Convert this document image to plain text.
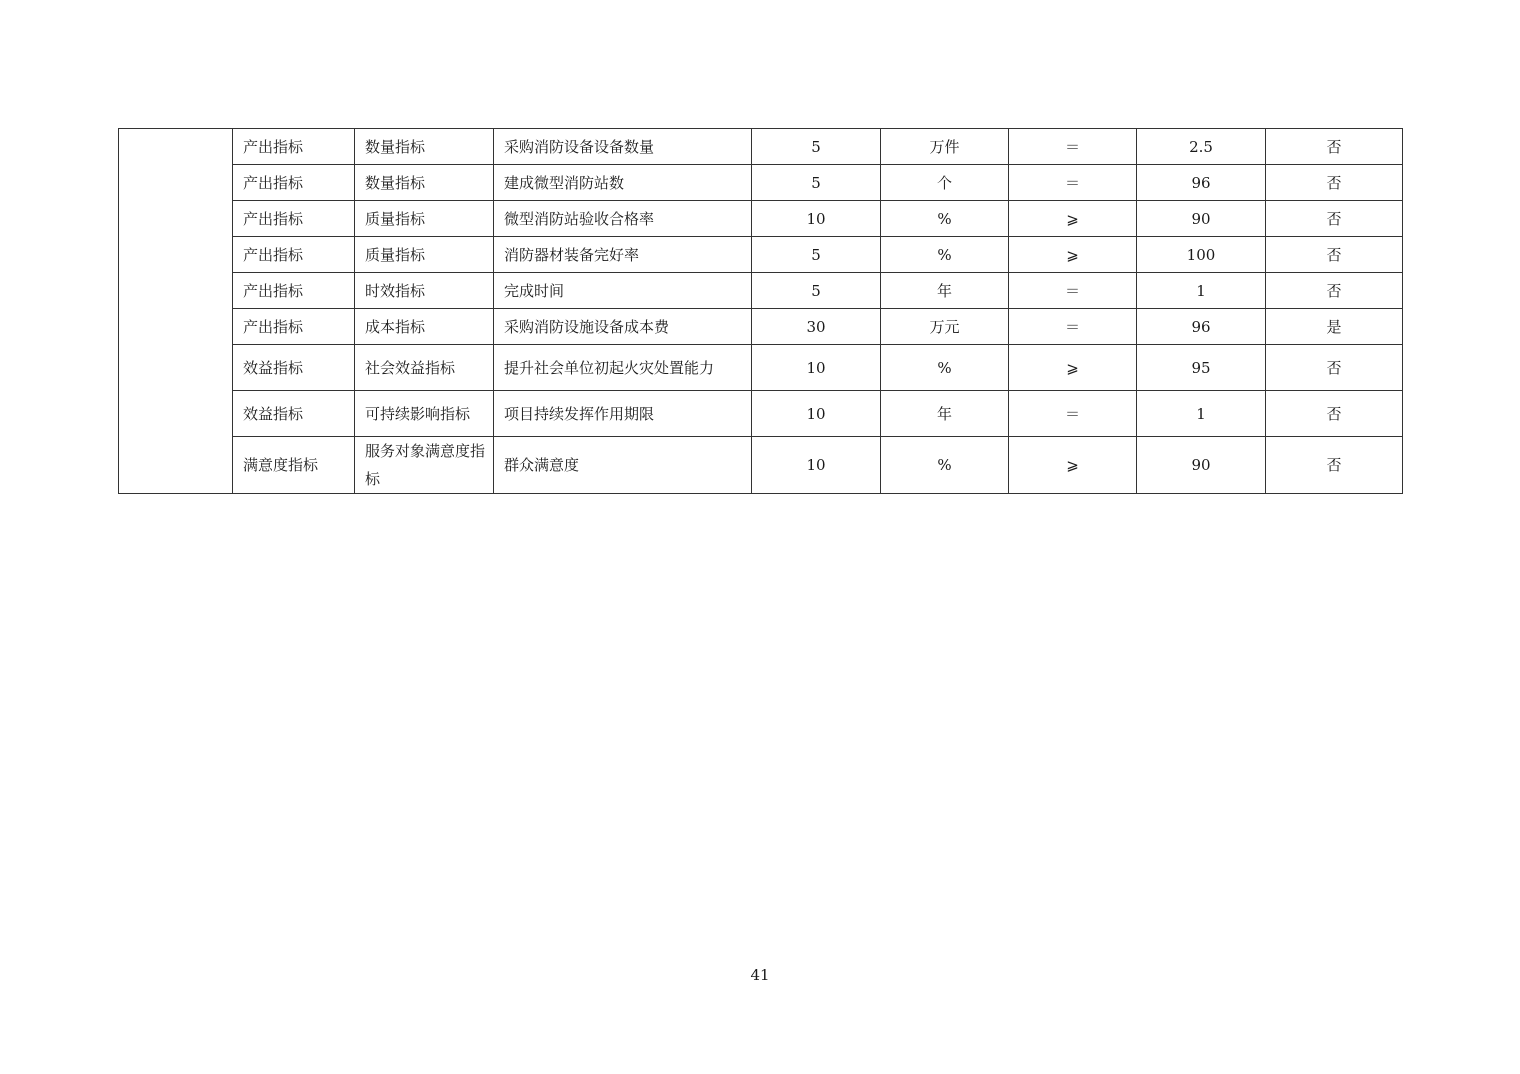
	产出指标	数量指标	采购消防设备设备数量	5	万件	＝	2.5	否
	产出指标	数量指标	建成微型消防站数	5	个	＝	96	否
	产出指标	质量指标	微型消防站验收合格率	10	%	⩾	90	否
	产出指标	质量指标	消防器材装备完好率	5	%	⩾	100	否
	产出指标	时效指标	完成时间	5	年	＝	1	否
	产出指标	成本指标	采购消防设施设备成本费	30	万元	＝	96	是
	效益指标	社会效益指标	提升社会单位初起火灾处置能力	10	%	⩾	95	否
	效益指标	可持续影响指标	项目持续发挥作用期限	10	年	＝	1	否
	满意度指标	服务对象满意度指标	群众满意度	10	%	⩾	90	否
41
